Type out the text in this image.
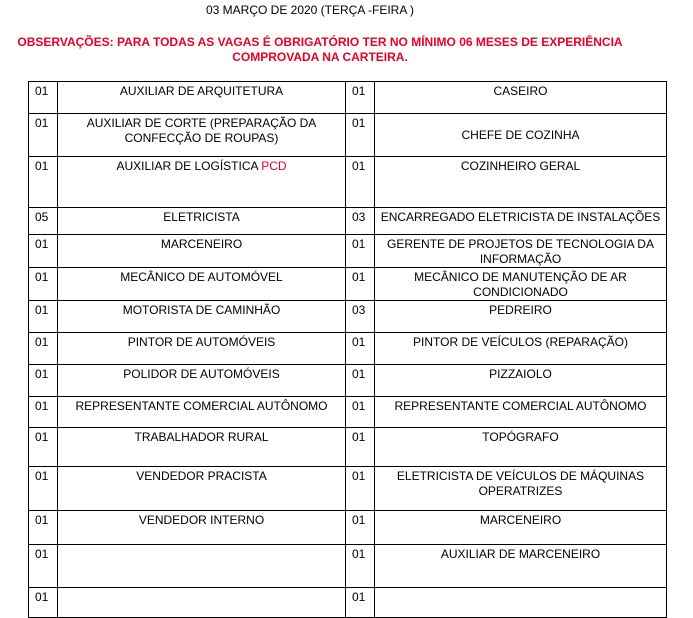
03 MARÇO DE 2020 (TERÇA -FEIRA )
OBSERVAÇÕES: PARA TODAS AS VAGAS É OBRIGATÓRIO TER NO MÍNIMO 06 MESES DE EXPERIÊNCIA
COMPROVADA NA CARTEIRA.
01	AUXILIAR DE ARQUITETURA	01	CASEIRO
01	AUXILIAR DE CORTE (PREPARAÇÃO DA CONFECÇÃO DE ROUPAS)	01	CHEFE DE COZINHA
01	AUXILIAR DE LOGÍSTICA PCD	01	COZINHEIRO GERAL
05	ELETRICISTA	03	ENCARREGADO ELETRICISTA DE INSTALAÇÕES
01	MARCENEIRO	01	GERENTE DE PROJETOS DE TECNOLOGIA DA INFORMAÇÃO
01	MECÂNICO DE AUTOMÓVEL	01	MECÂNICO DE MANUTENÇÃO DE AR CONDICIONADO
01	MOTORISTA DE CAMINHÃO	03	PEDREIRO
01	PINTOR DE AUTOMÓVEIS	01	PINTOR DE VEÍCULOS (REPARAÇÃO)
01	POLIDOR DE AUTOMÓVEIS	01	PIZZAIOLO
01	REPRESENTANTE COMERCIAL AUTÔNOMO	01	REPRESENTANTE COMERCIAL AUTÔNOMO
01	TRABALHADOR RURAL	01	TOPÓGRAFO
01	VENDEDOR PRACISTA	01	ELETRICISTA DE VEÍCULOS DE MÁQUINAS OPERATRIZES
01	VENDEDOR INTERNO	01	MARCENEIRO
01		01	AUXILIAR DE MARCENEIRO
01		01	
